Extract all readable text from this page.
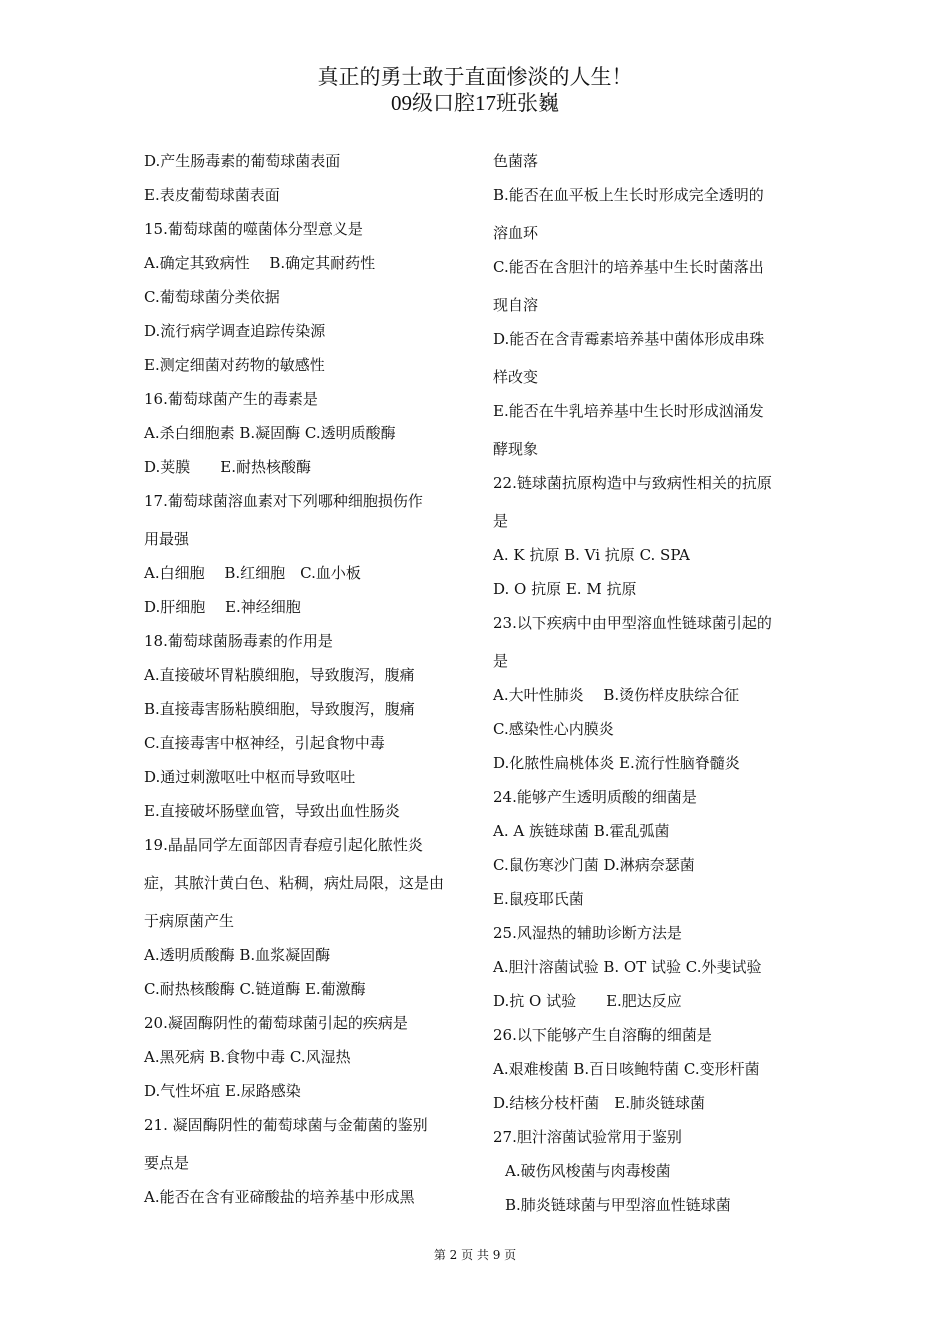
真正的勇士敢于直面惨淡的人生！
09级口腔17班张巍
D.产生肠毒素的葡萄球菌表面
E.表皮葡萄球菌表面
15.葡萄球菌的噬菌体分型意义是
A.确定其致病性　 B.确定其耐药性
C.葡萄球菌分类依据
D.流行病学调查追踪传染源
E.测定细菌对药物的敏感性
16.葡萄球菌产生的毒素是
A.杀白细胞素 B.凝固酶 C.透明质酸酶
D.荚膜　　E.耐热核酸酶
17.葡萄球菌溶血素对下列哪种细胞损伤作
用最强
A.白细胞　 B.红细胞　C.血小板
D.肝细胞　 E.神经细胞
18.葡萄球菌肠毒素的作用是
A.直接破坏胃粘膜细胞，导致腹泻，腹痛
B.直接毒害肠粘膜细胞，导致腹泻，腹痛
C.直接毒害中枢神经，引起食物中毒
D.通过刺激呕吐中枢而导致呕吐
E.直接破坏肠壁血管，导致出血性肠炎
19.晶晶同学左面部因青春痘引起化脓性炎
症，其脓汁黄白色、粘稠，病灶局限，这是由
于病原菌产生
A.透明质酸酶 B.血浆凝固酶
C.耐热核酸酶 C.链道酶 E.葡激酶
20.凝固酶阴性的葡萄球菌引起的疾病是
A.黑死病 B.食物中毒 C.风湿热
D.气性坏疽 E.尿路感染
21. 凝固酶阴性的葡萄球菌与金葡菌的鉴别
要点是
A.能否在含有亚碲酸盐的培养基中形成黑
色菌落
B.能否在血平板上生长时形成完全透明的
溶血环
C.能否在含胆汁的培养基中生长时菌落出
现自溶
D.能否在含青霉素培养基中菌体形成串珠
样改变
E.能否在牛乳培养基中生长时形成汹涌发
酵现象
22.链球菌抗原构造中与致病性相关的抗原
是
A. K 抗原 B. Vi 抗原 C. SPA
D. O 抗原 E. M 抗原
23.以下疾病中由甲型溶血性链球菌引起的
是
A.大叶性肺炎　 B.烫伤样皮肤综合征
C.感染性心内膜炎
D.化脓性扁桃体炎 E.流行性脑脊髓炎
24.能够产生透明质酸的细菌是
A. A 族链球菌 B.霍乱弧菌
C.鼠伤寒沙门菌 D.淋病奈瑟菌
E.鼠疫耶氏菌
25.风湿热的辅助诊断方法是
A.胆汁溶菌试验 B. OT 试验 C.外斐试验
D.抗 O 试验　　E.肥达反应
26.以下能够产生自溶酶的细菌是
A.艰难梭菌 B.百日咳鲍特菌 C.变形杆菌
D.结核分枝杆菌　E.肺炎链球菌
27.胆汁溶菌试验常用于鉴别
A.破伤风梭菌与肉毒梭菌
B.肺炎链球菌与甲型溶血性链球菌
第 2 页 共 9 页
